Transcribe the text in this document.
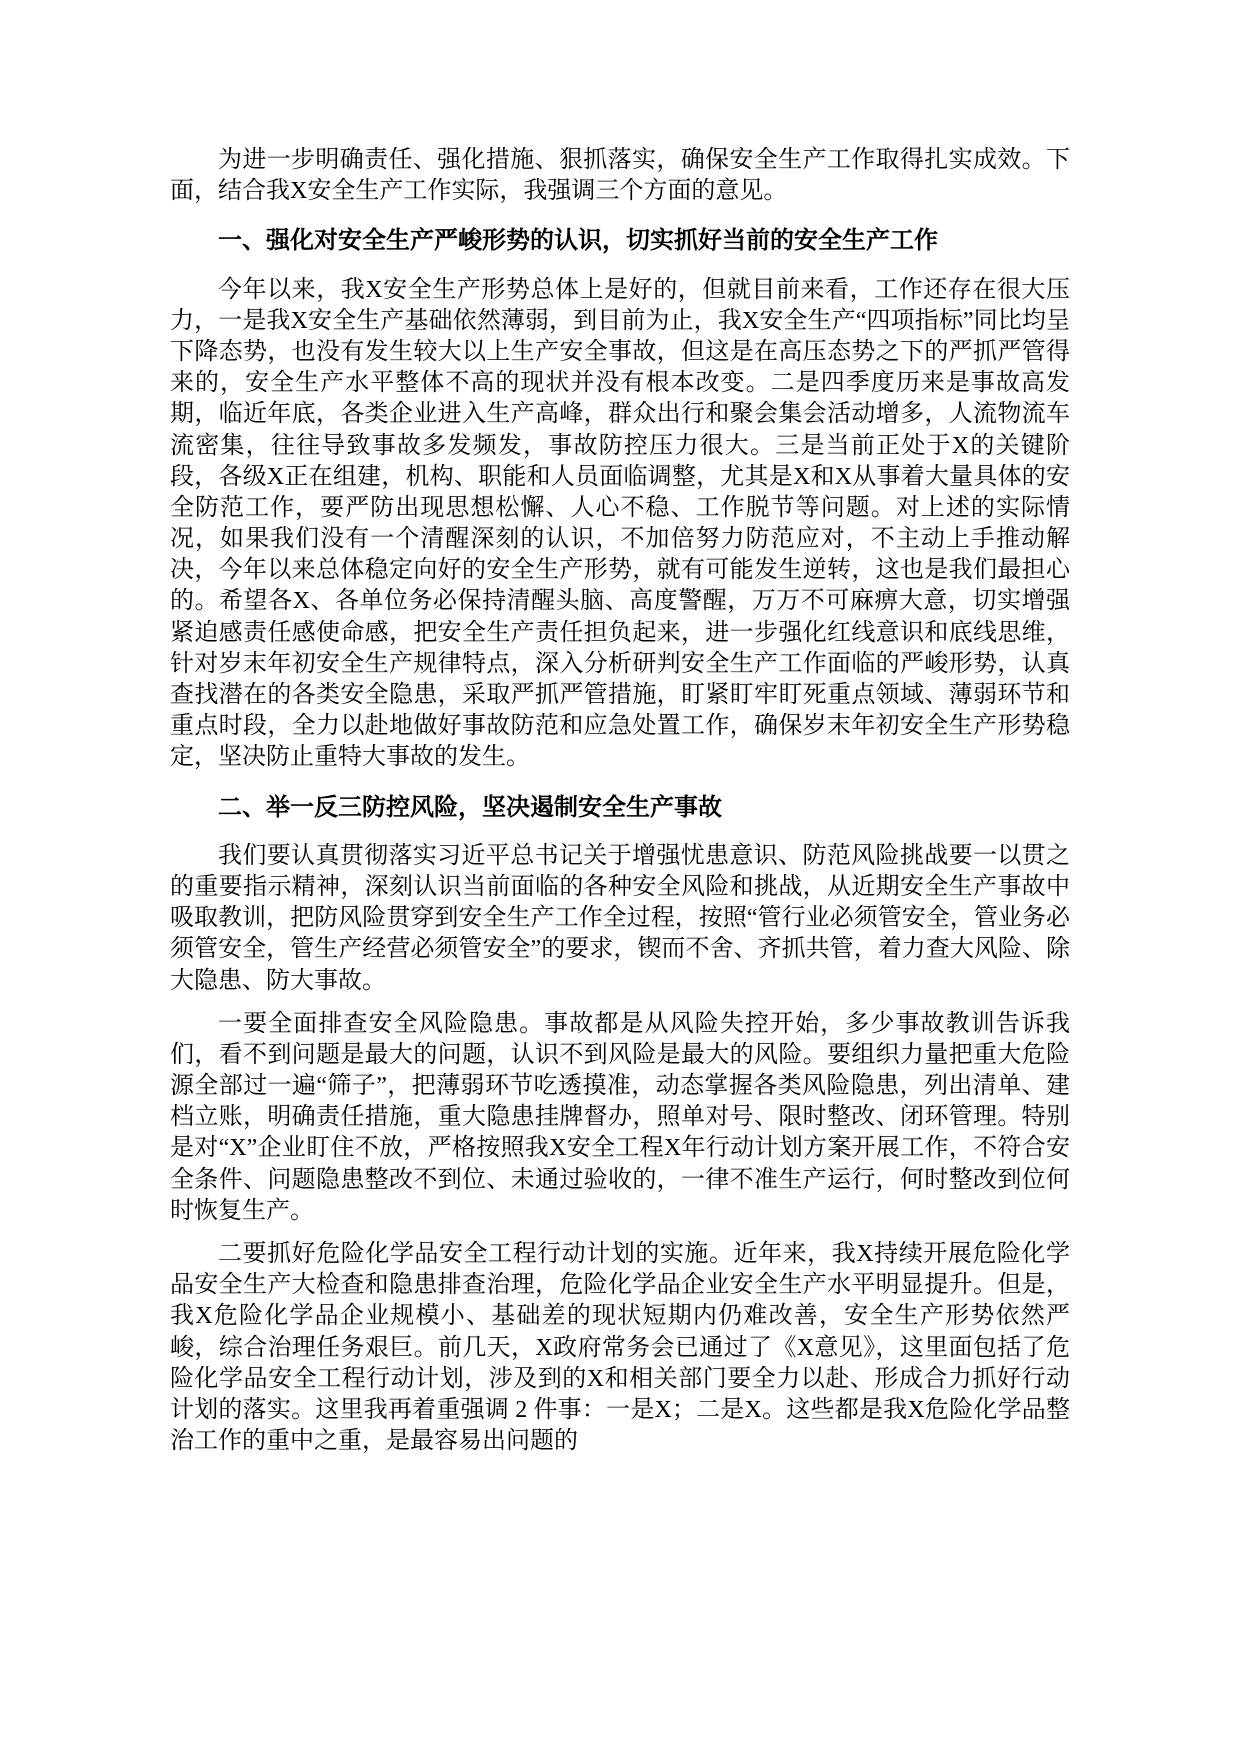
为进一步明确责任、强化措施、狠抓落实，确保安全生产工作取得扎实成效。下面，结合我X安全生产工作实际，我强调三个方面的意见。

一、强化对安全生产严峻形势的认识，切实抓好当前的安全生产工作

今年以来，我X安全生产形势总体上是好的，但就目前来看，工作还存在很大压力，一是我X安全生产基础依然薄弱，到目前为止，我X安全生产“四项指标”同比均呈下降态势，也没有发生较大以上生产安全事故，但这是在高压态势之下的严抓严管得来的，安全生产水平整体不高的现状并没有根本改变。二是四季度历来是事故高发期，临近年底，各类企业进入生产高峰，群众出行和聚会集会活动增多，人流物流车流密集，往往导致事故多发频发，事故防控压力很大。三是当前正处于X的关键阶段，各级X正在组建，机构、职能和人员面临调整，尤其是X和X从事着大量具体的安全防范工作，要严防出现思想松懈、人心不稳、工作脱节等问题。对上述的实际情况，如果我们没有一个清醒深刻的认识，不加倍努力防范应对，不主动上手推动解决，今年以来总体稳定向好的安全生产形势，就有可能发生逆转，这也是我们最担心的。希望各X、各单位务必保持清醒头脑、高度警醒，万万不可麻痹大意，切实增强紧迫感责任感使命感，把安全生产责任担负起来，进一步强化红线意识和底线思维，针对岁末年初安全生产规律特点，深入分析研判安全生产工作面临的严峻形势，认真查找潜在的各类安全隐患，采取严抓严管措施，盯紧盯牢盯死重点领域、薄弱环节和重点时段，全力以赴地做好事故防范和应急处置工作，确保岁末年初安全生产形势稳定，坚决防止重特大事故的发生。

二、举一反三防控风险，坚决遏制安全生产事故

我们要认真贯彻落实习近平总书记关于增强忧患意识、防范风险挑战要一以贯之的重要指示精神，深刻认识当前面临的各种安全风险和挑战，从近期安全生产事故中吸取教训，把防风险贯穿到安全生产工作全过程，按照“管行业必须管安全，管业务必须管安全，管生产经营必须管安全”的要求，锲而不舍、齐抓共管，着力查大风险、除大隐患、防大事故。

一要全面排查安全风险隐患。事故都是从风险失控开始，多少事故教训告诉我们，看不到问题是最大的问题，认识不到风险是最大的风险。要组织力量把重大危险源全部过一遍“筛子”，把薄弱环节吃透摸准，动态掌握各类风险隐患，列出清单、建档立账，明确责任措施，重大隐患挂牌督办，照单对号、限时整改、闭环管理。特别是对“X”企业盯住不放，严格按照我X安全工程X年行动计划方案开展工作，不符合安全条件、问题隐患整改不到位、未通过验收的，一律不准生产运行，何时整改到位何时恢复生产。

二要抓好危险化学品安全工程行动计划的实施。近年来，我X持续开展危险化学品安全生产大检查和隐患排查治理，危险化学品企业安全生产水平明显提升。但是，我X危险化学品企业规模小、基础差的现状短期内仍难改善，安全生产形势依然严峻，综合治理任务艰巨。前几天，X政府常务会已通过了《X意见》，这里面包括了危险化学品安全工程行动计划，涉及到的X和相关部门要全力以赴、形成合力抓好行动计划的落实。这里我再着重强调 2 件事：一是X；二是X。这些都是我X危险化学品整治工作的重中之重，是最容易出问题的
